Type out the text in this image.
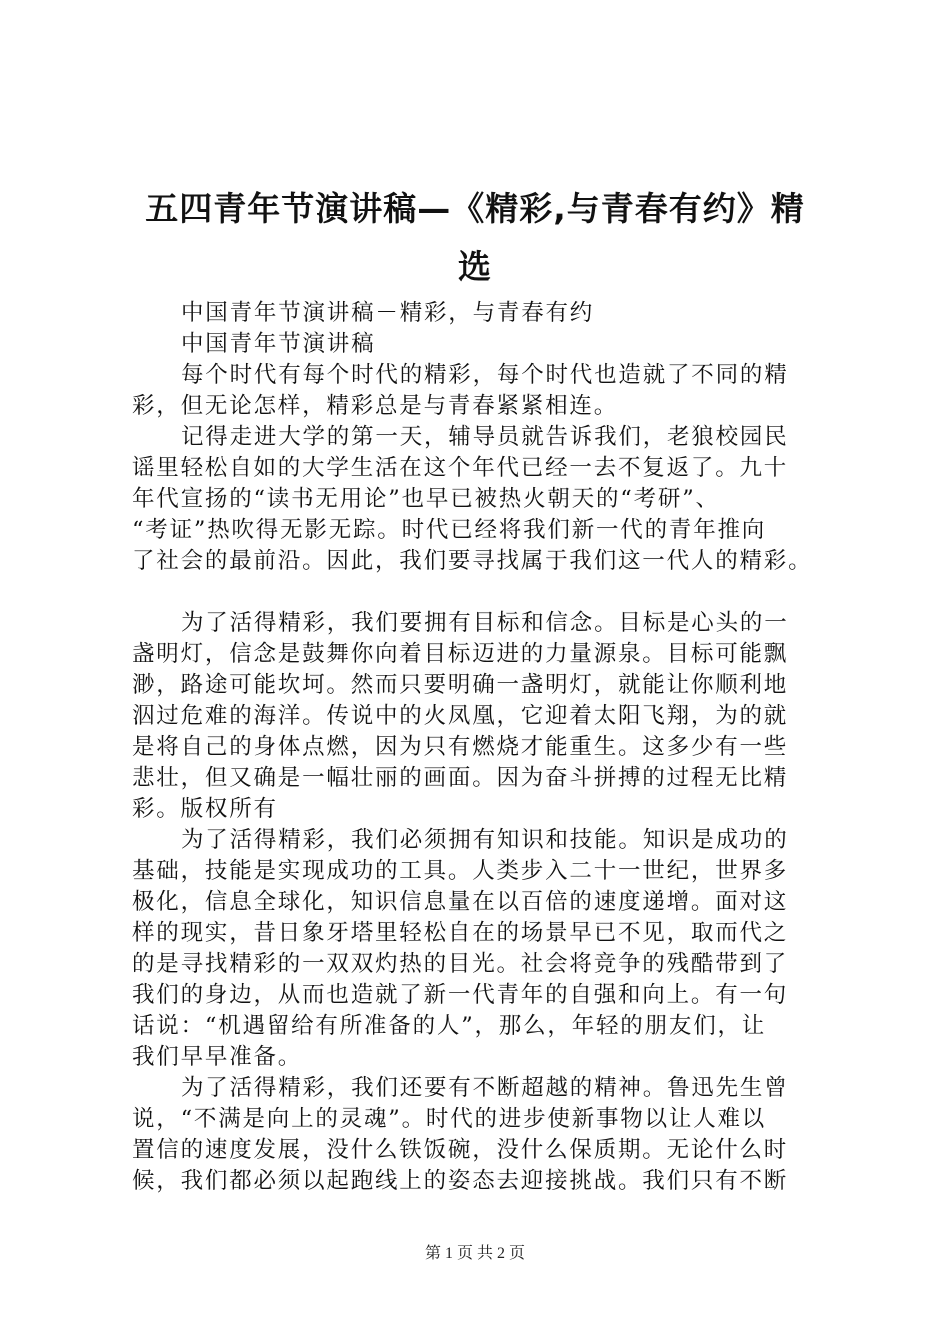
五四青年节演讲稿—《精彩,与青春有约》精
选
中国青年节演讲稿－精彩，与青春有约
中国青年节演讲稿
每个时代有每个时代的精彩，每个时代也造就了不同的精
彩，但无论怎样，精彩总是与青春紧紧相连。
记得走进大学的第一天，辅导员就告诉我们，老狼校园民
谣里轻松自如的大学生活在这个年代已经一去不复返了。九十
年代宣扬的“读书无用论”也早已被热火朝天的“考研”、
“考证”热吹得无影无踪。时代已经将我们新一代的青年推向
了社会的最前沿。因此，我们要寻找属于我们这一代人的精彩。
为了活得精彩，我们要拥有目标和信念。目标是心头的一
盏明灯，信念是鼓舞你向着目标迈进的力量源泉。目标可能飘
渺，路途可能坎坷。然而只要明确一盏明灯，就能让你顺利地
泅过危难的海洋。传说中的火凤凰，它迎着太阳飞翔，为的就
是将自己的身体点燃，因为只有燃烧才能重生。这多少有一些
悲壮，但又确是一幅壮丽的画面。因为奋斗拼搏的过程无比精
彩。版权所有
为了活得精彩，我们必须拥有知识和技能。知识是成功的
基础，技能是实现成功的工具。人类步入二十一世纪，世界多
极化，信息全球化，知识信息量在以百倍的速度递增。面对这
样的现实，昔日象牙塔里轻松自在的场景早已不见，取而代之
的是寻找精彩的一双双灼热的目光。社会将竞争的残酷带到了
我们的身边，从而也造就了新一代青年的自强和向上。有一句
话说：“机遇留给有所准备的人”，那么，年轻的朋友们，让
我们早早准备。
为了活得精彩，我们还要有不断超越的精神。鲁迅先生曾
说，“不满是向上的灵魂”。时代的进步使新事物以让人难以
置信的速度发展，没什么铁饭碗，没什么保质期。无论什么时
候，我们都必须以起跑线上的姿态去迎接挑战。我们只有不断
第 1 页 共 2 页
